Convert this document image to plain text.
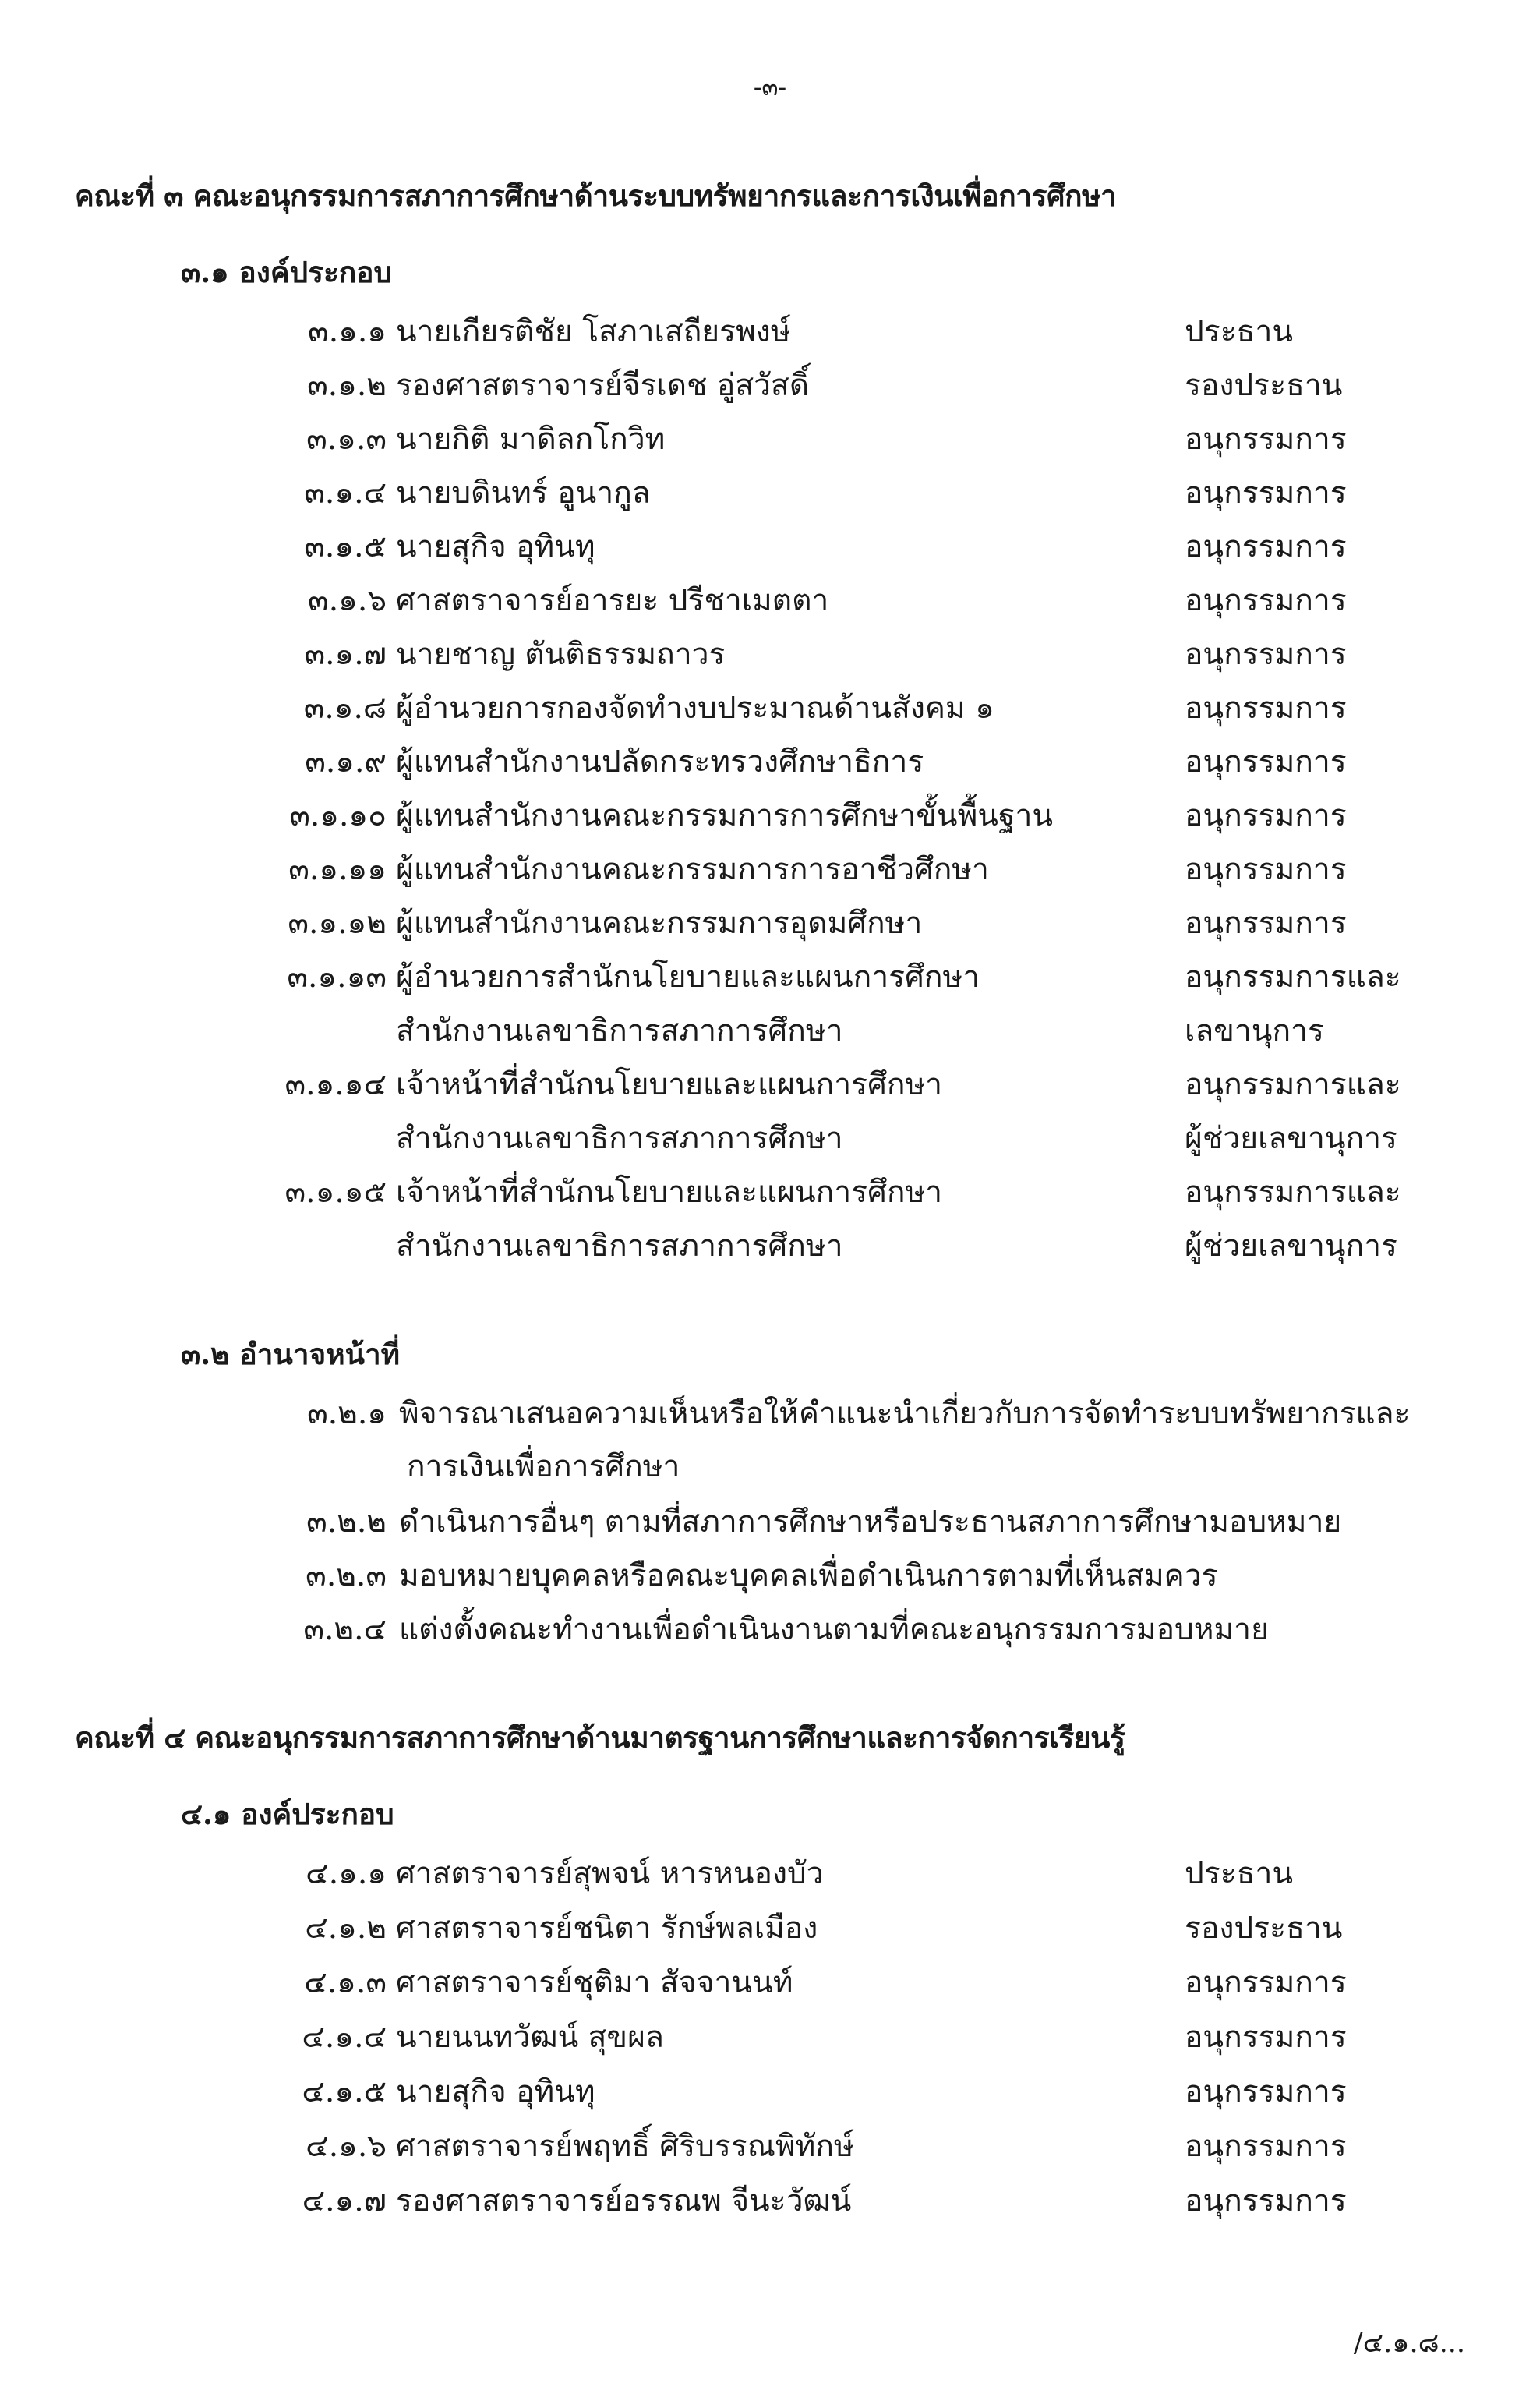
-๓-
คณะที่ ๓ คณะอนุกรรมการสภาการศึกษาด้านระบบทรัพยากรและการเงินเพื่อการศึกษา
๓.๑ องค์ประกอบ
๓.๑.๑ นายเกียรติชัย โสภาเสถียรพงษ์	ประธาน
๓.๑.๒ รองศาสตราจารย์จีรเดช อู่สวัสดิ์	รองประธาน
๓.๑.๓ นายกิติ มาดิลกโกวิท	อนุกรรมการ
๓.๑.๔ นายบดินทร์ อูนากูล	อนุกรรมการ
๓.๑.๕ นายสุกิจ อุทินทุ	อนุกรรมการ
๓.๑.๖ ศาสตราจารย์อารยะ ปรีชาเมตตา	อนุกรรมการ
๓.๑.๗ นายชาญ ตันติธรรมถาวร	อนุกรรมการ
๓.๑.๘ ผู้อำนวยการกองจัดทำงบประมาณด้านสังคม ๑	อนุกรรมการ
๓.๑.๙ ผู้แทนสำนักงานปลัดกระทรวงศึกษาธิการ	อนุกรรมการ
๓.๑.๑๐ ผู้แทนสำนักงานคณะกรรมการการศึกษาขั้นพื้นฐาน	อนุกรรมการ
๓.๑.๑๑ ผู้แทนสำนักงานคณะกรรมการการอาชีวศึกษา	อนุกรรมการ
๓.๑.๑๒ ผู้แทนสำนักงานคณะกรรมการอุดมศึกษา	อนุกรรมการ
๓.๑.๑๓ ผู้อำนวยการสำนักนโยบายและแผนการศึกษา	อนุกรรมการและ
สำนักงานเลขาธิการสภาการศึกษา	เลขานุการ
๓.๑.๑๔ เจ้าหน้าที่สำนักนโยบายและแผนการศึกษา	อนุกรรมการและ
สำนักงานเลขาธิการสภาการศึกษา	ผู้ช่วยเลขานุการ
๓.๑.๑๕ เจ้าหน้าที่สำนักนโยบายและแผนการศึกษา	อนุกรรมการและ
สำนักงานเลขาธิการสภาการศึกษา	ผู้ช่วยเลขานุการ
๓.๒ อำนาจหน้าที่
๓.๒.๑ พิจารณาเสนอความเห็นหรือให้คำแนะนำเกี่ยวกับการจัดทำระบบทรัพยากรและ
การเงินเพื่อการศึกษา
๓.๒.๒ ดำเนินการอื่นๆ ตามที่สภาการศึกษาหรือประธานสภาการศึกษามอบหมาย
๓.๒.๓ มอบหมายบุคคลหรือคณะบุคคลเพื่อดำเนินการตามที่เห็นสมควร
๓.๒.๔ แต่งตั้งคณะทำงานเพื่อดำเนินงานตามที่คณะอนุกรรมการมอบหมาย
คณะที่ ๔ คณะอนุกรรมการสภาการศึกษาด้านมาตรฐานการศึกษาและการจัดการเรียนรู้
๔.๑ องค์ประกอบ
๔.๑.๑ ศาสตราจารย์สุพจน์ หารหนองบัว	ประธาน
๔.๑.๒ ศาสตราจารย์ชนิตา รักษ์พลเมือง	รองประธาน
๔.๑.๓ ศาสตราจารย์ชุติมา สัจจานนท์	อนุกรรมการ
๔.๑.๔ นายนนทวัฒน์ สุขผล	อนุกรรมการ
๔.๑.๕ นายสุกิจ อุทินทุ	อนุกรรมการ
๔.๑.๖ ศาสตราจารย์พฤทธิ์ ศิริบรรณพิทักษ์	อนุกรรมการ
๔.๑.๗ รองศาสตราจารย์อรรณพ จีนะวัฒน์	อนุกรรมการ
/๔.๑.๘...
